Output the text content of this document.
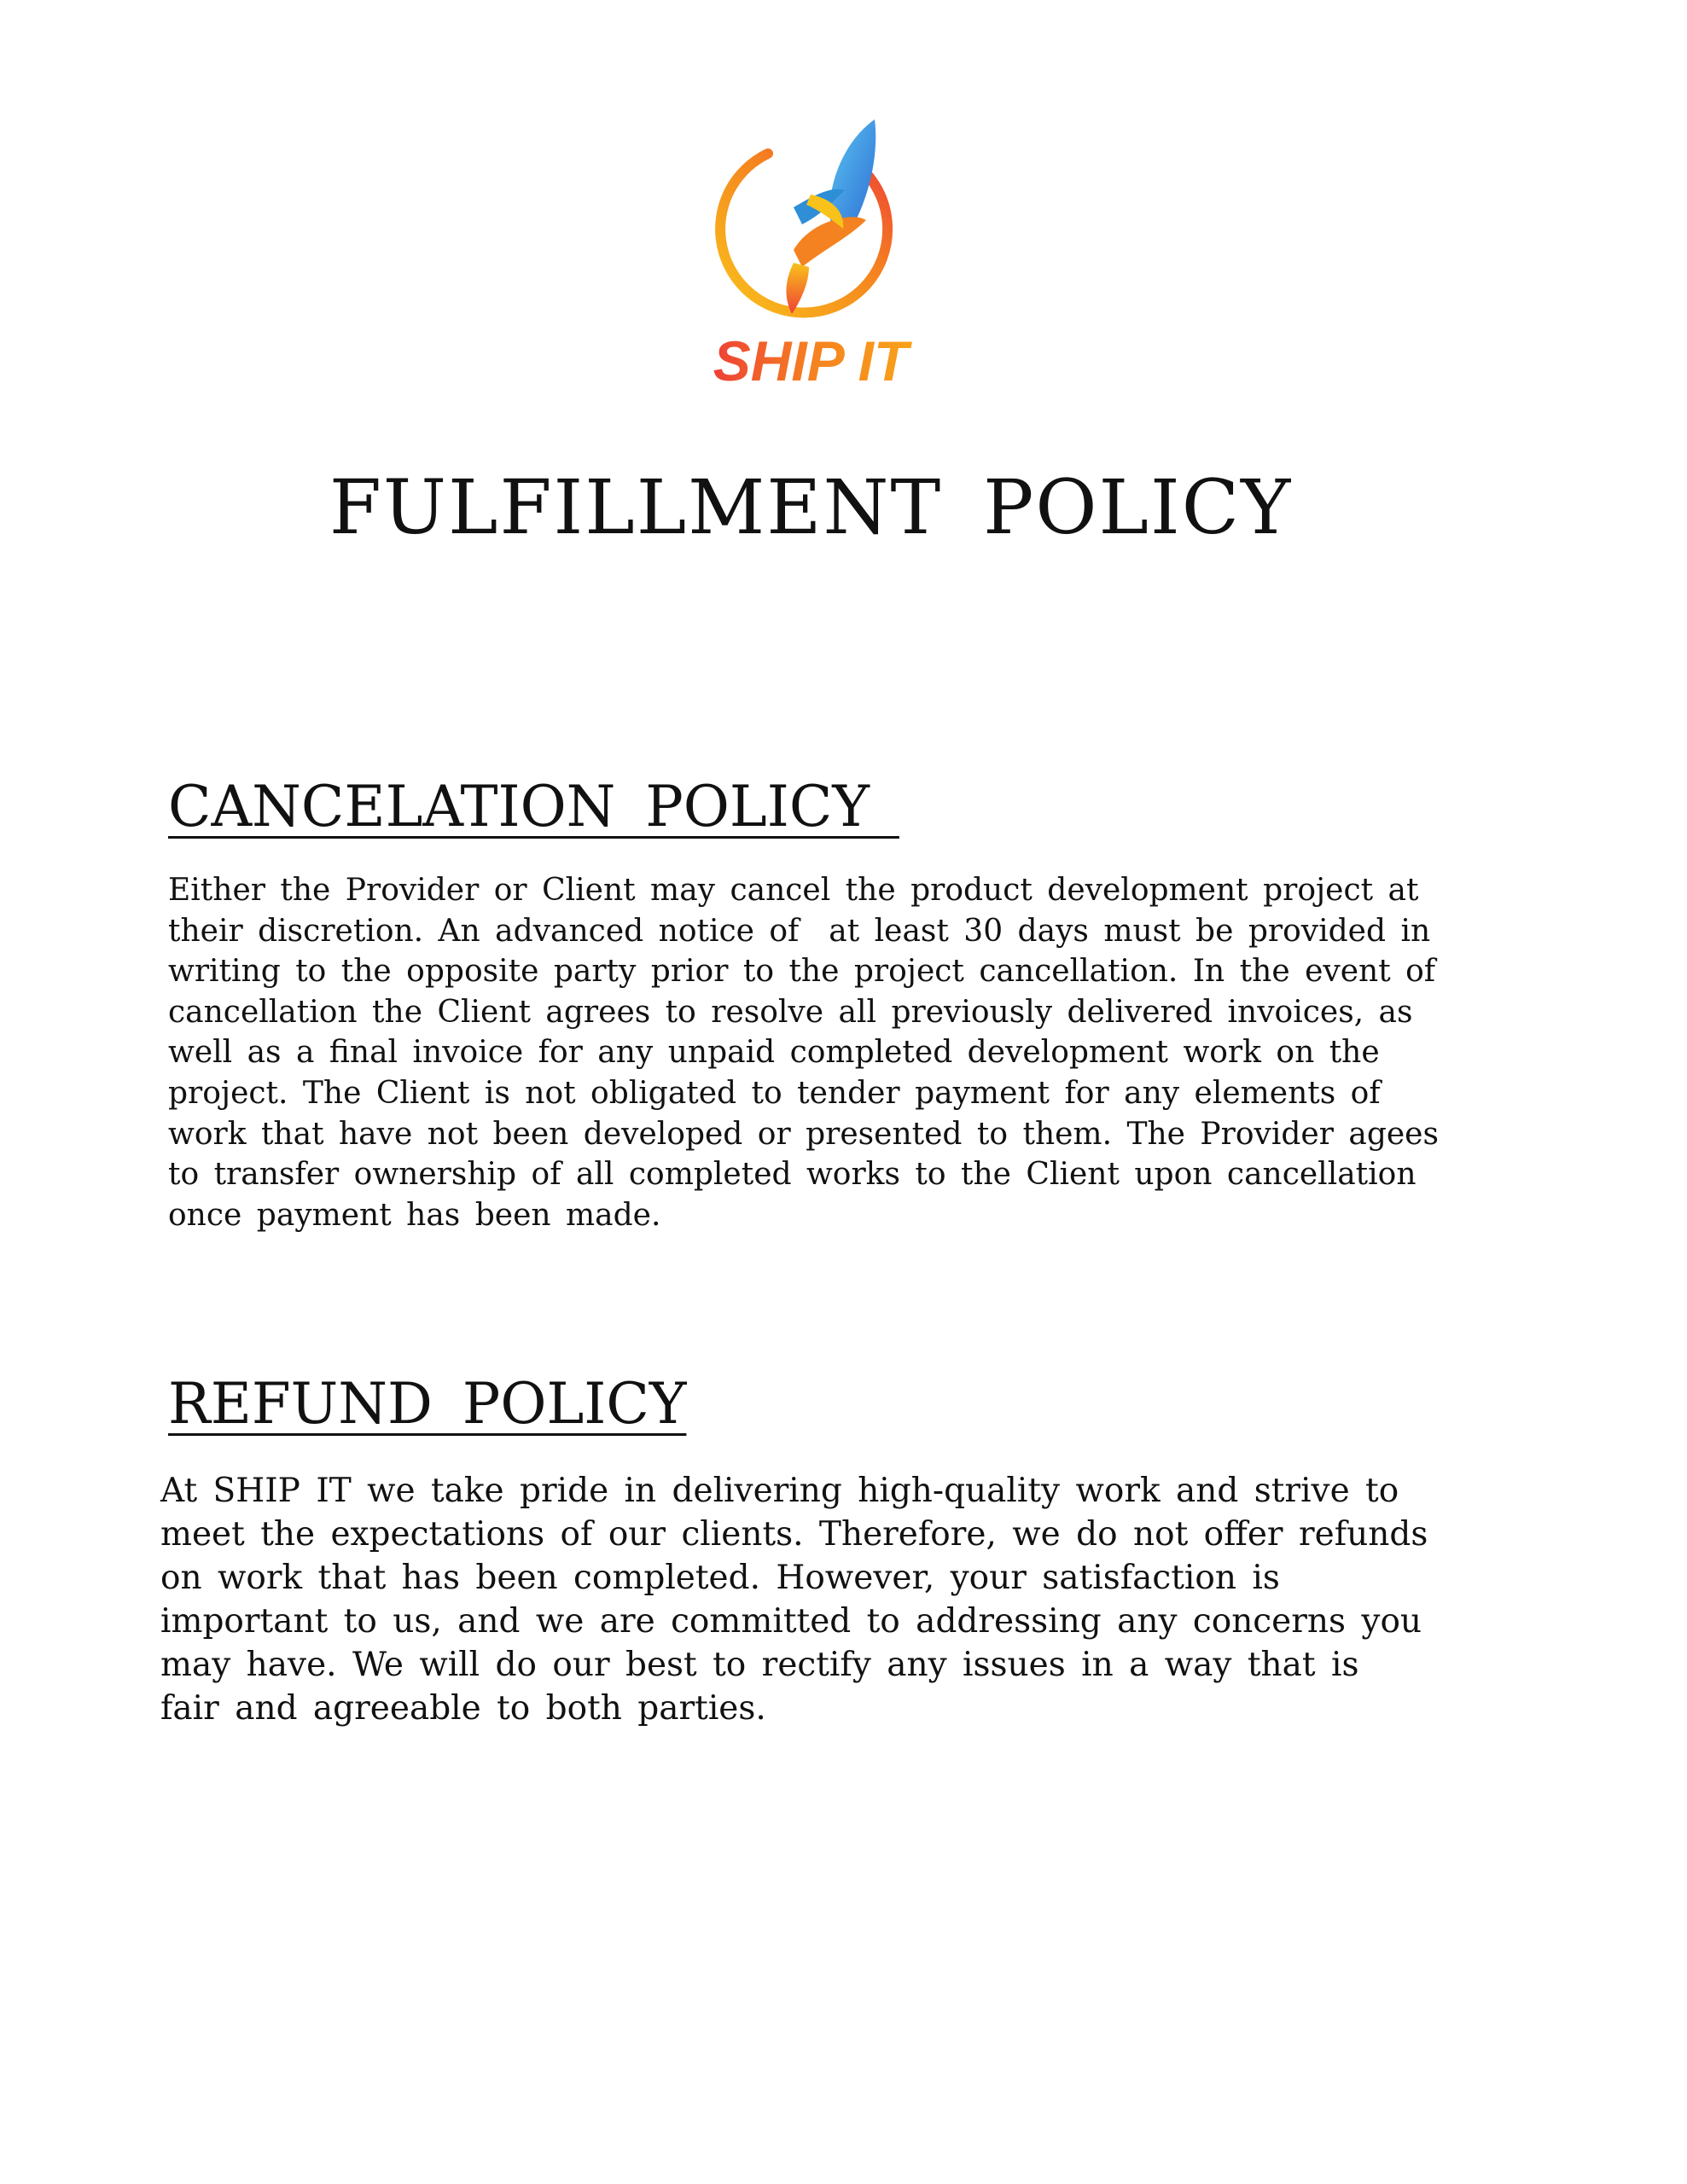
SHIP IT
FULFILLMENT POLICY
CANCELATION POLICY
Either the Provider or Client may cancel the product development project at
their discretion. An advanced notice of  at least 30 days must be provided in
writing to the opposite party prior to the project cancellation. In the event of
cancellation the Client agrees to resolve all previously delivered invoices, as
well as a final invoice for any unpaid completed development work on the
project. The Client is not obligated to tender payment for any elements of
work that have not been developed or presented to them. The Provider agees
to transfer ownership of all completed works to the Client upon cancellation
once payment has been made.
REFUND POLICY
At SHIP IT we take pride in delivering high-quality work and strive to
meet the expectations of our clients. Therefore, we do not offer refunds
on work that has been completed. However, your satisfaction is
important to us, and we are committed to addressing any concerns you
may have. We will do our best to rectify any issues in a way that is
fair and agreeable to both parties.
